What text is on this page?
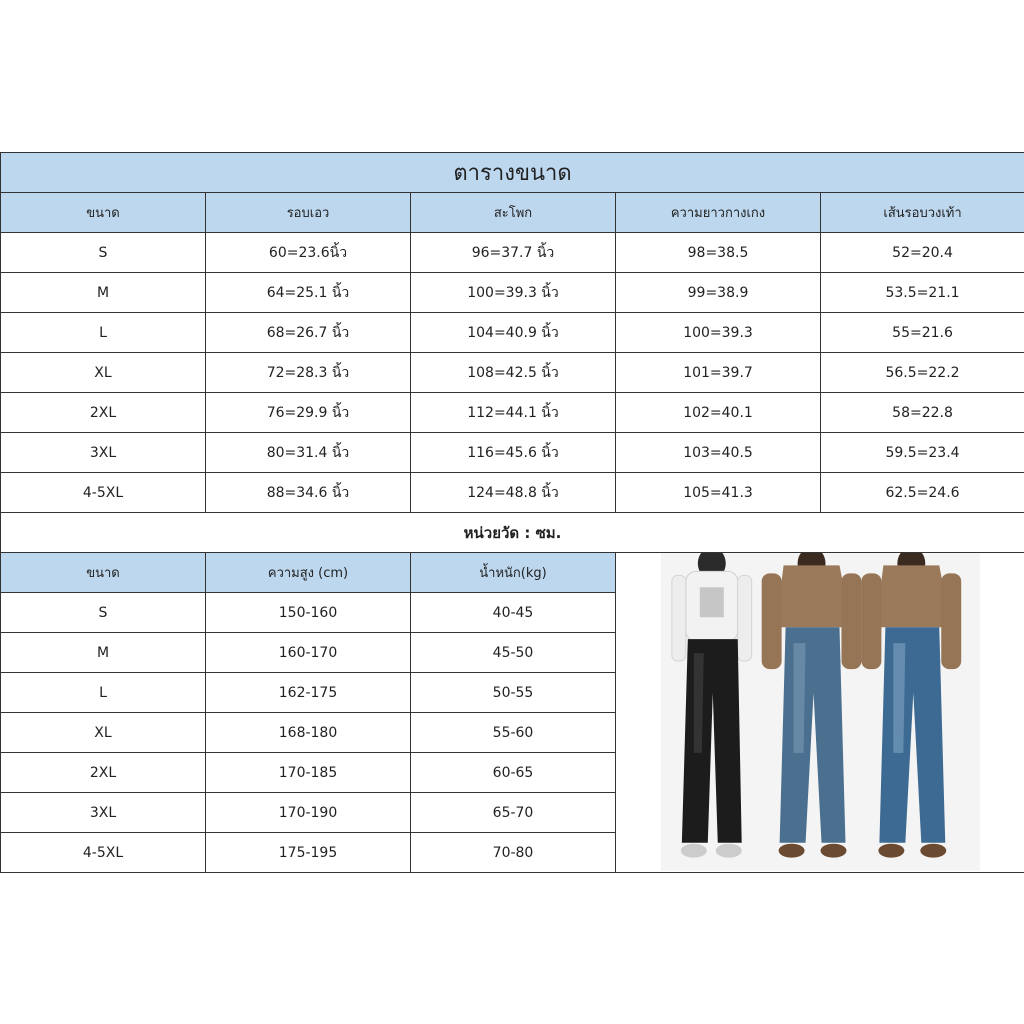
ตารางขนาด				
ขนาด	รอบเอว	สะโพก	ความยาวกางเกง	เส้นรอบวงเท้า
S	60=23.6นิ้ว	96=37.7 นิ้ว	98=38.5	52=20.4
M	64=25.1 นิ้ว	100=39.3 นิ้ว	99=38.9	53.5=21.1
L	68=26.7 นิ้ว	104=40.9 นิ้ว	100=39.3	55=21.6
XL	72=28.3 นิ้ว	108=42.5 นิ้ว	101=39.7	56.5=22.2
2XL	76=29.9 นิ้ว	112=44.1 นิ้ว	102=40.1	58=22.8
3XL	80=31.4 นิ้ว	116=45.6 นิ้ว	103=40.5	59.5=23.4
4-5XL	88=34.6 นิ้ว	124=48.8 นิ้ว	105=41.3	62.5=24.6
หน่วยวัด : ซม.				
ขนาด	ความสูง (cm)	น้ำหนัก(kg)	

S	150-160	40-45		
M	160-170	45-50		
L	162-175	50-55		
XL	168-180	55-60		
2XL	170-185	60-65		
3XL	170-190	65-70		
4-5XL	175-195	70-80		
